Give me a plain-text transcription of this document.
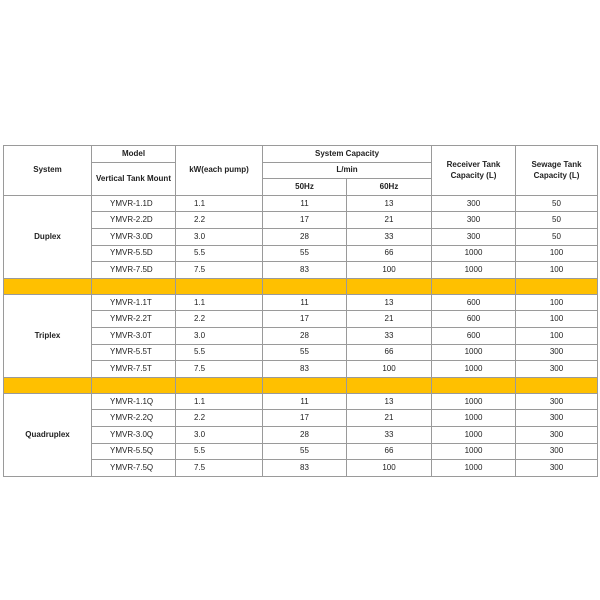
System	Model	kW(each pump)	System Capacity		Receiver Tank Capacity (L)	Sewage Tank Capacity (L)
	Vertical Tank Mount		L/min			
			50Hz	60Hz		
Duplex	YMVR-1.1D	1.1	11	13	300	50
	YMVR-2.2D	2.2	17	21	300	50
	YMVR-3.0D	3.0	28	33	300	50
	YMVR-5.5D	5.5	55	66	1000	100
	YMVR-7.5D	7.5	83	100	1000	100

Triplex	YMVR-1.1T	1.1	11	13	600	100
	YMVR-2.2T	2.2	17	21	600	100
	YMVR-3.0T	3.0	28	33	600	100
	YMVR-5.5T	5.5	55	66	1000	300
	YMVR-7.5T	7.5	83	100	1000	300

Quadruplex	YMVR-1.1Q	1.1	11	13	1000	300
	YMVR-2.2Q	2.2	17	21	1000	300
	YMVR-3.0Q	3.0	28	33	1000	300
	YMVR-5.5Q	5.5	55	66	1000	300
	YMVR-7.5Q	7.5	83	100	1000	300
